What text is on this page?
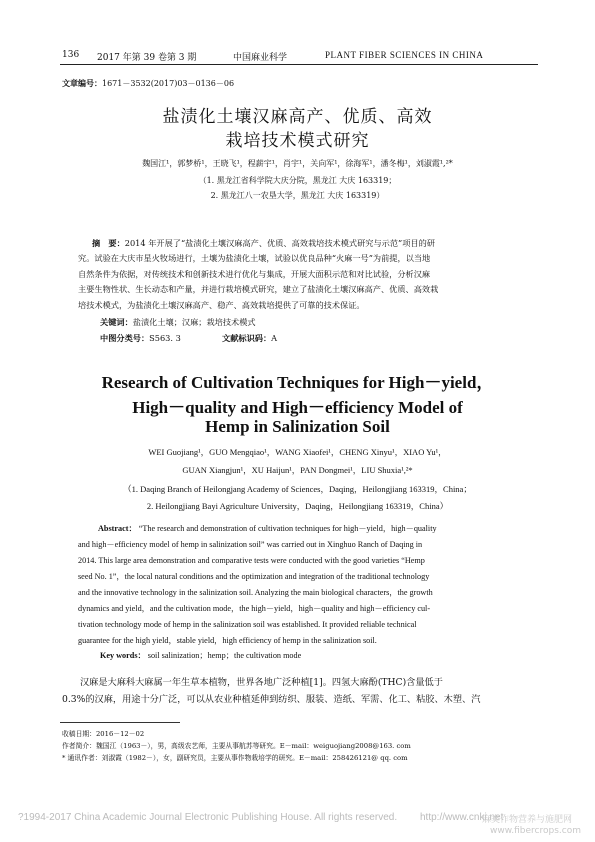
136 2017 年第 39 卷第 3 期	中国麻业科学	PLANT FIBER SCIENCES IN CHINA
文章编号：1671－3532(2017)03－0136－06
盐渍化土壤汉麻高产、优质、高效
栽培技术模式研究
魏国江¹，郭梦桥¹，王晓飞¹，程薪宇¹，肖宇¹，关向军¹，徐海军¹，潘冬梅¹，刘淑霞¹,²*
（1. 黑龙江省科学院大庆分院，黑龙江 大庆 163319；
2. 黑龙江八一农垦大学，黑龙江 大庆 163319）
摘　要：2014 年开展了“盐渍化土壤汉麻高产、优质、高效栽培技术模式研究与示范”项目的研
究。试验在大庆市星火牧场进行，土壤为盐渍化土壤，试验以优良品种“火麻一号”为前提，以当地
自然条件为依据，对传统技术和创新技术进行优化与集成，开展大面积示范和对比试验，分析汉麻
主要生物性状、生长动态和产量，并进行栽培模式研究，建立了盐渍化土壤汉麻高产、优质、高效栽
培技术模式，为盐渍化土壤汉麻高产、稳产、高效栽培提供了可靠的技术保证。
关键词：盐渍化土壤；汉麻；栽培技术模式
中图分类号：S563. 3	文献标识码：A
Research of Cultivation Techniques for High－yield，
High－quality and High－efficiency Model of
Hemp in Salinization Soil
WEI Guojiang¹，GUO Mengqiao¹，WANG Xiaofei¹，CHENG Xinyu¹，XIAO Yu¹，
GUAN Xiangjun¹，XU Haijun¹，PAN Dongmei¹，LIU Shuxia¹,²*
（1. Daqing Branch of Heilongjang Academy of Sciences，Daqing，Heilongjiang 163319，China；
2. Heilongjiang Bayi Agriculture University，Daqing，Heilongjiang 163319，China）
Abstract： “The research and demonstration of cultivation techniques for high－yield，high－quality
and high－efficiency model of hemp in salinization soil” was carried out in Xinghuo Ranch of Daqing in
2014. This large area demonstration and comparative tests were conducted with the good varieties “Hemp
seed No. 1”，the local natural conditions and the optimization and integration of the traditional technology
and the innovative technology in the salinization soil. Analyzing the main biological characters，the growth
dynamics and yield，and the cultivation mode，the high－yield，high－quality and high－efficiency cul-
tivation technology mode of hemp in the salinization soil was established. It provided reliable technical
guarantee for the high yield，stable yield，high efficiency of hemp in the salinization soil.
Key words： soil salinization；hemp；the cultivation mode
汉麻是大麻科大麻属一年生草本植物，世界各地广泛种植[1]。四氢大麻酚(THC)含量低于
0.3%的汉麻，用途十分广泛，可以从农业种植延伸到纺织、服装、造纸、军需、化工、粘胶、木塑、汽
收稿日期：2016－12－02
作者简介：魏国江（1963－），男，高级农艺师，主要从事航苏等研究。E－mail：weiguojiang2008@163. com
* 通讯作者：刘淑霞（1982－），女，副研究员，主要从事作物栽培学的研究。E－mail：258426121@ qq. com
?1994-2017 China Academic Journal Electronic Publishing House. All rights reserved. http://www.cnki.net
麻类作物营养与施肥网
www.fibercrops.com
